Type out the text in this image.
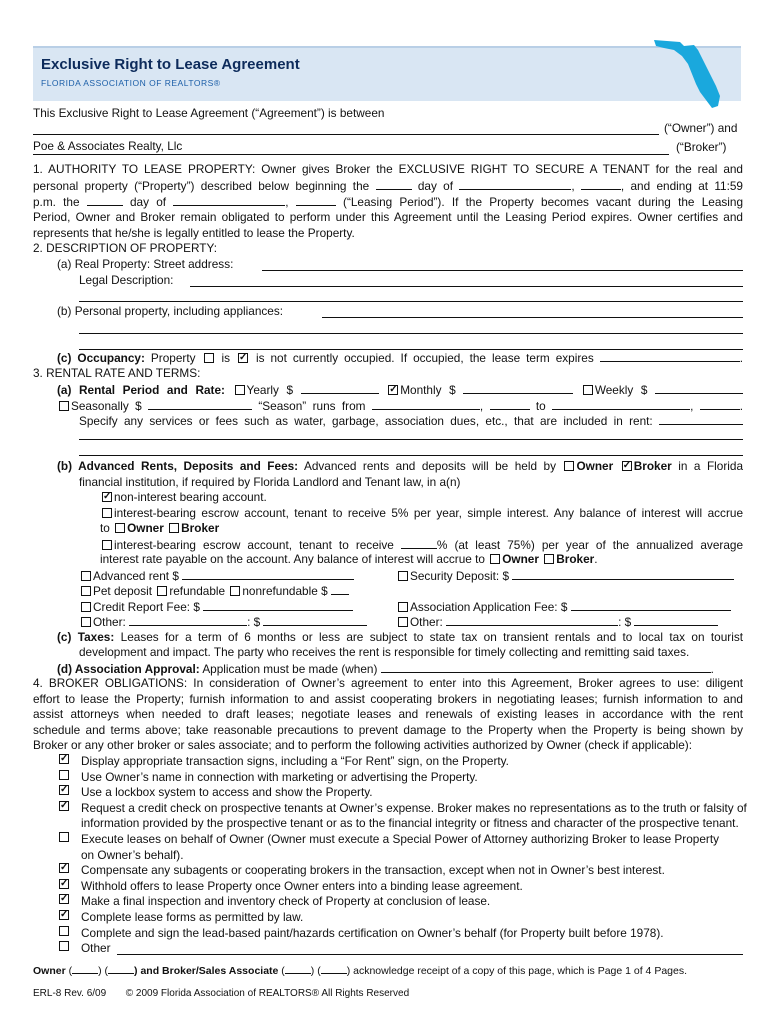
Exclusive Right to Lease Agreement
FLORIDA ASSOCIATION OF REALTORS®
This Exclusive Right to Lease Agreement (“Agreement”) is between
(“Owner”) and
Poe & Associates Realty, Llc	(“Broker”)
1. AUTHORITY TO LEASE PROPERTY: Owner gives Broker the EXCLUSIVE RIGHT TO SECURE A TENANT for the real and
personal property (“Property”) described below beginning the	day of	,	, and ending at 11:59
p.m. the	day of	,	(“Leasing Period”). If the Property becomes vacant during the Leasing
Period, Owner and Broker remain obligated to perform under this Agreement until the Leasing Period expires. Owner certifies and
represents that he/she is legally entitled to lease the Property.
2. DESCRIPTION OF PROPERTY:
(a) Real Property: Street address:
Legal Description:
(b) Personal property, including appliances:
(c) Occupancy: Property is ✓ is not currently occupied. If occupied, the lease term expires	.
3. RENTAL RATE AND TERMS:
(a) Rental Period and Rate: Yearly $ ✓	Monthly $	Weekly $
Seasonally $	“Season” runs from	,	to	,	.
Specify any services or fees such as water, garbage, association dues, etc., that are included in rent:
(b) Advanced Rents, Deposits and Fees: Advanced rents and deposits will be held by Owner ✓ Broker in a Florida
financial institution, if required by Florida Landlord and Tenant law, in a(n)
✓non-interest bearing account.
interest-bearing escrow account, tenant to receive 5% per year, simple interest. Any balance of interest will accrue
to Owner Broker
interest-bearing escrow account, tenant to receive	% (at least 75%) per year of the annualized average
interest rate payable on the account. Any balance of interest will accrue to Owner Broker.
Advanced rent $	Security Deposit: $
Pet deposit refundable nonrefundable $
Credit Report Fee: $	Association Application Fee: $
Other:	: $	Other:	: $
(c) Taxes: Leases for a term of 6 months or less are subject to state tax on transient rentals and to local tax on tourist
development and impact. The party who receives the rent is responsible for timely collecting and remitting said taxes.
(d) Association Approval: Application must be made (when)	.
4. BROKER OBLIGATIONS: In consideration of Owner’s agreement to enter into this Agreement, Broker agrees to use: diligent
effort to lease the Property; furnish information to and assist cooperating brokers in negotiating leases; furnish information to and
assist attorneys when needed to draft leases; negotiate leases and renewals of existing leases in accordance with the rent
schedule and terms above; take reasonable precautions to prevent damage to the Property when the Property is being shown by
Broker or any other broker or sales associate; and to perform the following activities authorized by Owner (check if applicable):
✓
Display appropriate transaction signs, including a “For Rent” sign, on the Property.
Use Owner’s name in connection with marketing or advertising the Property.
✓
Use a lockbox system to access and show the Property.
✓
Request a credit check on prospective tenants at Owner’s expense. Broker makes no representations as to the truth or falsity of
information provided by the prospective tenant or as to the financial integrity or fitness and character of the prospective tenant.
Execute leases on behalf of Owner (Owner must execute a Special Power of Attorney authorizing Broker to lease Property
on Owner’s behalf).
✓
Compensate any subagents or cooperating brokers in the transaction, except when not in Owner’s best interest.
✓
Withhold offers to lease Property once Owner enters into a binding lease agreement.
✓
Make a final inspection and inventory check of Property at conclusion of lease.
✓
Complete lease forms as permitted by law.
Complete and sign the lead-based paint/hazards certification on Owner’s behalf (for Property built before 1978).
Other
Owner ( ) ( ) and Broker/Sales Associate ( ) ( ) acknowledge receipt of a copy of this page, which is Page 1 of 4 Pages.
ERL-8 Rev. 6/09 © 2009 Florida Association of REALTORS® All Rights Reserved
